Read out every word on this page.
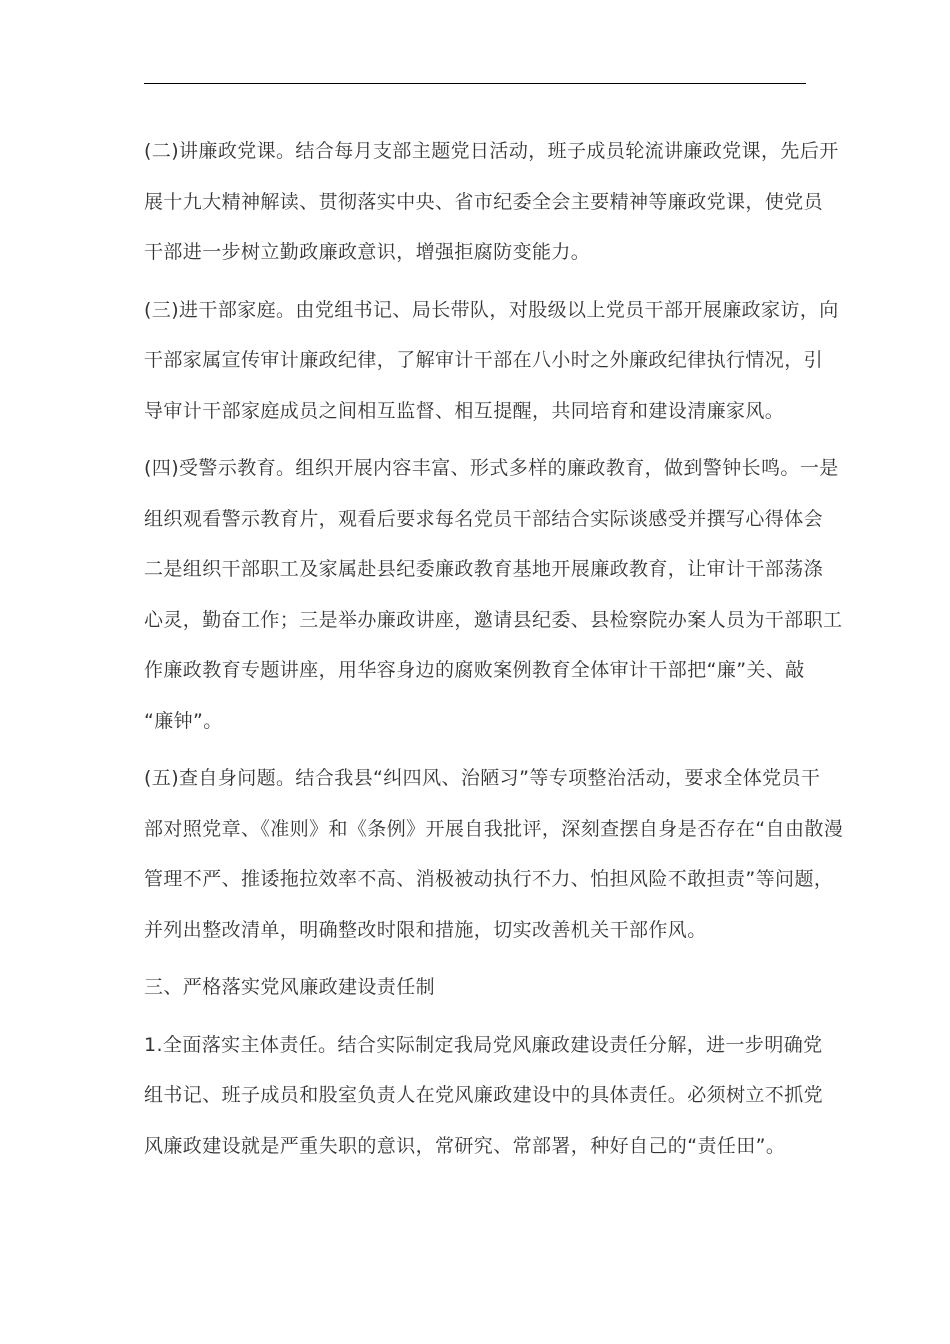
(二)讲廉政党课。结合每月支部主题党日活动，班子成员轮流讲廉政党课，先后开
展十九大精神解读、贯彻落实中央、省市纪委全会主要精神等廉政党课，使党员
干部进一步树立勤政廉政意识，增强拒腐防变能力。

(三)进干部家庭。由党组书记、局长带队，对股级以上党员干部开展廉政家访，向
干部家属宣传审计廉政纪律，了解审计干部在八小时之外廉政纪律执行情况，引
导审计干部家庭成员之间相互监督、相互提醒，共同培育和建设清廉家风。

(四)受警示教育。组织开展内容丰富、形式多样的廉政教育，做到警钟长鸣。一是
组织观看警示教育片，观看后要求每名党员干部结合实际谈感受并撰写心得体会
二是组织干部职工及家属赴县纪委廉政教育基地开展廉政教育，让审计干部荡涤
心灵，勤奋工作；三是举办廉政讲座，邀请县纪委、县检察院办案人员为干部职工
作廉政教育专题讲座，用华容身边的腐败案例教育全体审计干部把“廉”关、敲
“廉钟”。

(五)查自身问题。结合我县“纠四风、治陋习”等专项整治活动，要求全体党员干
部对照党章、《准则》和《条例》开展自我批评，深刻查摆自身是否存在“自由散漫
管理不严、推诿拖拉效率不高、消极被动执行不力、怕担风险不敢担责”等问题，
并列出整改清单，明确整改时限和措施，切实改善机关干部作风。

三、严格落实党风廉政建设责任制

1.全面落实主体责任。结合实际制定我局党风廉政建设责任分解，进一步明确党
组书记、班子成员和股室负责人在党风廉政建设中的具体责任。必须树立不抓党
风廉政建设就是严重失职的意识，常研究、常部署，种好自己的“责任田”。
